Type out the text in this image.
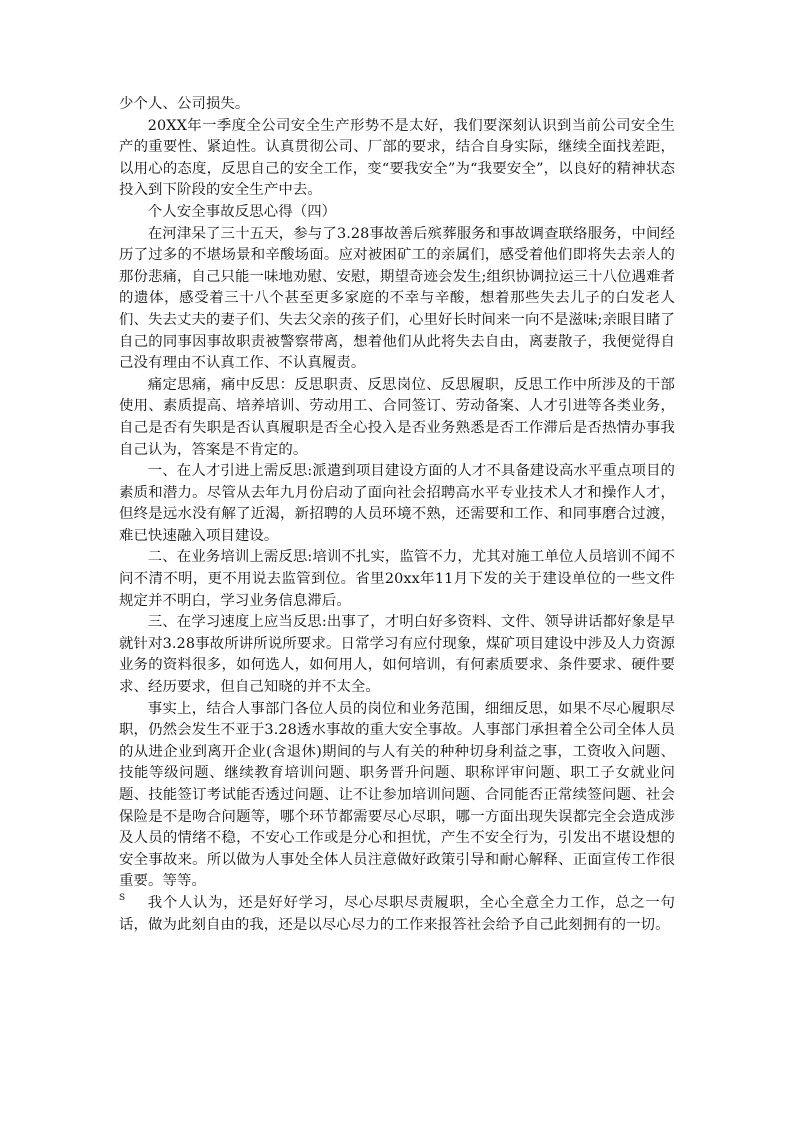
少个人、公司损失。

20XX年一季度全公司安全生产形势不是太好，我们要深刻认识到当前公司安全生产的重要性、紧迫性。认真贯彻公司、厂部的要求，结合自身实际，继续全面找差距，以用心的态度，反思自己的安全工作，变“要我安全”为“我要安全”，以良好的精神状态投入到下阶段的安全生产中去。

个人安全事故反思心得（四）

在河津呆了三十五天，参与了3.28事故善后殡葬服务和事故调查联络服务，中间经历了过多的不堪场景和辛酸场面。应对被困矿工的亲属们，感受着他们即将失去亲人的那份悲痛，自己只能一味地劝慰、安慰，期望奇迹会发生;组织协调拉运三十八位遇难者的遗体，感受着三十八个甚至更多家庭的不幸与辛酸，想着那些失去儿子的白发老人们、失去丈夫的妻子们、失去父亲的孩子们，心里好长时间来一向不是滋味;亲眼目睹了自己的同事因事故职责被警察带离，想着他们从此将失去自由，离妻散子，我便觉得自己没有理由不认真工作、不认真履责。

痛定思痛，痛中反思：反思职责、反思岗位、反思履职，反思工作中所涉及的干部使用、素质提高、培养培训、劳动用工、合同签订、劳动备案、人才引进等各类业务，自己是否有失职是否认真履职是否全心投入是否业务熟悉是否工作滞后是否热情办事我自己认为，答案是不肯定的。

一、在人才引进上需反思:派遣到项目建设方面的人才不具备建设高水平重点项目的素质和潜力。尽管从去年九月份启动了面向社会招聘高水平专业技术人才和操作人才，但终是远水没有解了近渴，新招聘的人员环境不熟，还需要和工作、和同事磨合过渡，难已快速融入项目建设。

二、在业务培训上需反思:培训不扎实，监管不力，尤其对施工单位人员培训不闻不问不清不明，更不用说去监管到位。省里20xx年11月下发的关于建设单位的一些文件规定并不明白，学习业务信息滞后。

三、在学习速度上应当反思:出事了，才明白好多资料、文件、领导讲话都好象是早就针对3.28事故所讲所说所要求。日常学习有应付现象，煤矿项目建设中涉及人力资源业务的资料很多，如何选人，如何用人，如何培训，有何素质要求、条件要求、硬件要求、经历要求，但自己知晓的并不太全。

事实上，结合人事部门各位人员的岗位和业务范围，细细反思，如果不尽心履职尽职，仍然会发生不亚于3.28透水事故的重大安全事故。人事部门承担着全公司全体人员的从进企业到离开企业(含退休)期间的与人有关的种种切身利益之事，工资收入问题、技能等级问题、继续教育培训问题、职务晋升问题、职称评审问题、职工子女就业问题、技能签订考试能否透过问题、让不让参加培训问题、合同能否正常续签问题、社会保险是不是吻合问题等，哪个环节都需要尽心尽职，哪一方面出现失误都完全会造成涉及人员的情绪不稳，不安心工作或是分心和担忧，产生不安全行为，引发出不堪设想的安全事故来。所以做为人事处全体人员注意做好政策引导和耐心解释、正面宣传工作很重要。等等。

我个人认为，还是好好学习，尽心尽职尽责履职，全心全意全力工作，总之一句话，做为此刻自由的我，还是以尽心尽力的工作来报答社会给予自己此刻拥有的一切。

s
